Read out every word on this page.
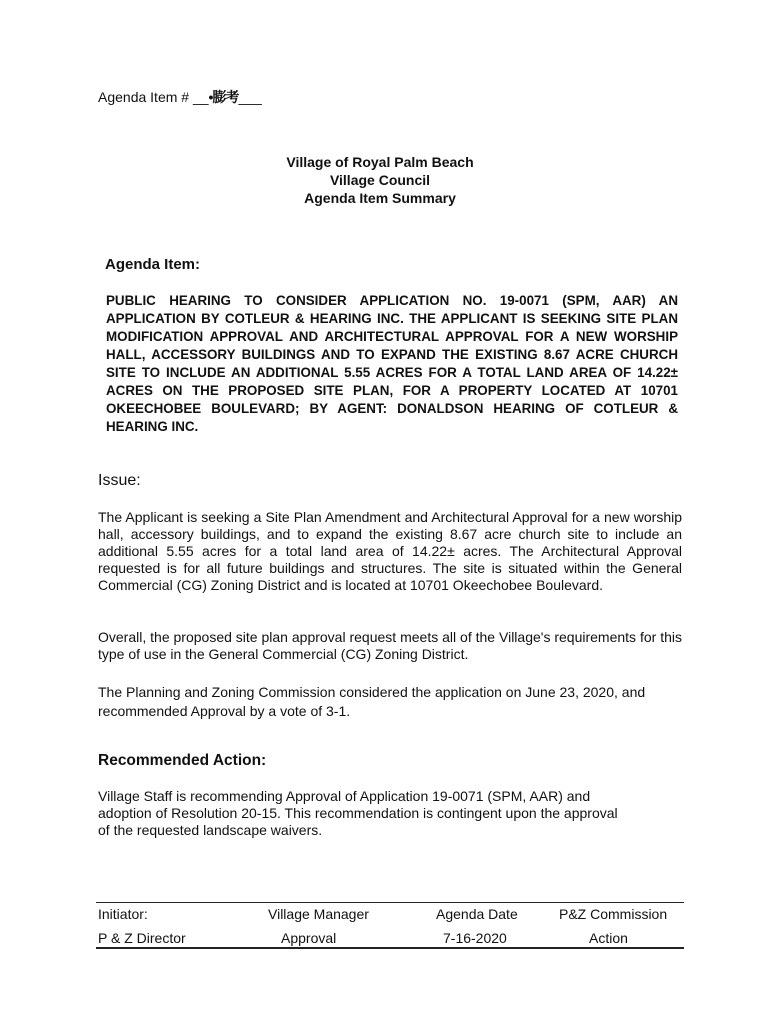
Agenda Item # __•膨考___
Village of Royal Palm Beach
Village Council
Agenda Item Summary
Agenda Item:
PUBLIC HEARING TO CONSIDER APPLICATION NO. 19-0071 (SPM, AAR) AN APPLICATION BY COTLEUR & HEARING INC. THE APPLICANT IS SEEKING SITE PLAN MODIFICATION APPROVAL AND ARCHITECTURAL APPROVAL FOR A NEW WORSHIP HALL, ACCESSORY BUILDINGS AND TO EXPAND THE EXISTING 8.67 ACRE CHURCH SITE TO INCLUDE AN ADDITIONAL 5.55 ACRES FOR A TOTAL LAND AREA OF 14.22± ACRES ON THE PROPOSED SITE PLAN, FOR A PROPERTY LOCATED AT 10701 OKEECHOBEE BOULEVARD; BY AGENT: DONALDSON HEARING OF COTLEUR & HEARING INC.
Issue:
The Applicant is seeking a Site Plan Amendment and Architectural Approval for a new worship hall, accessory buildings, and to expand the existing 8.67 acre church site to include an additional 5.55 acres for a total land area of 14.22± acres. The Architectural Approval requested is for all future buildings and structures. The site is situated within the General Commercial (CG) Zoning District and is located at 10701 Okeechobee Boulevard.
Overall, the proposed site plan approval request meets all of the Village's requirements for this type of use in the General Commercial (CG) Zoning District.
The Planning and Zoning Commission considered the application on June 23, 2020, and recommended Approval by a vote of 3-1.
Recommended Action:
Village Staff is recommending Approval of Application 19-0071 (SPM, AAR) and adoption of Resolution 20-15. This recommendation is contingent upon the approval of the requested landscape waivers.
Initiator:	Village Manager	Agenda Date	P&Z Commission
P & Z Director	Approval	7-16-2020	Action
